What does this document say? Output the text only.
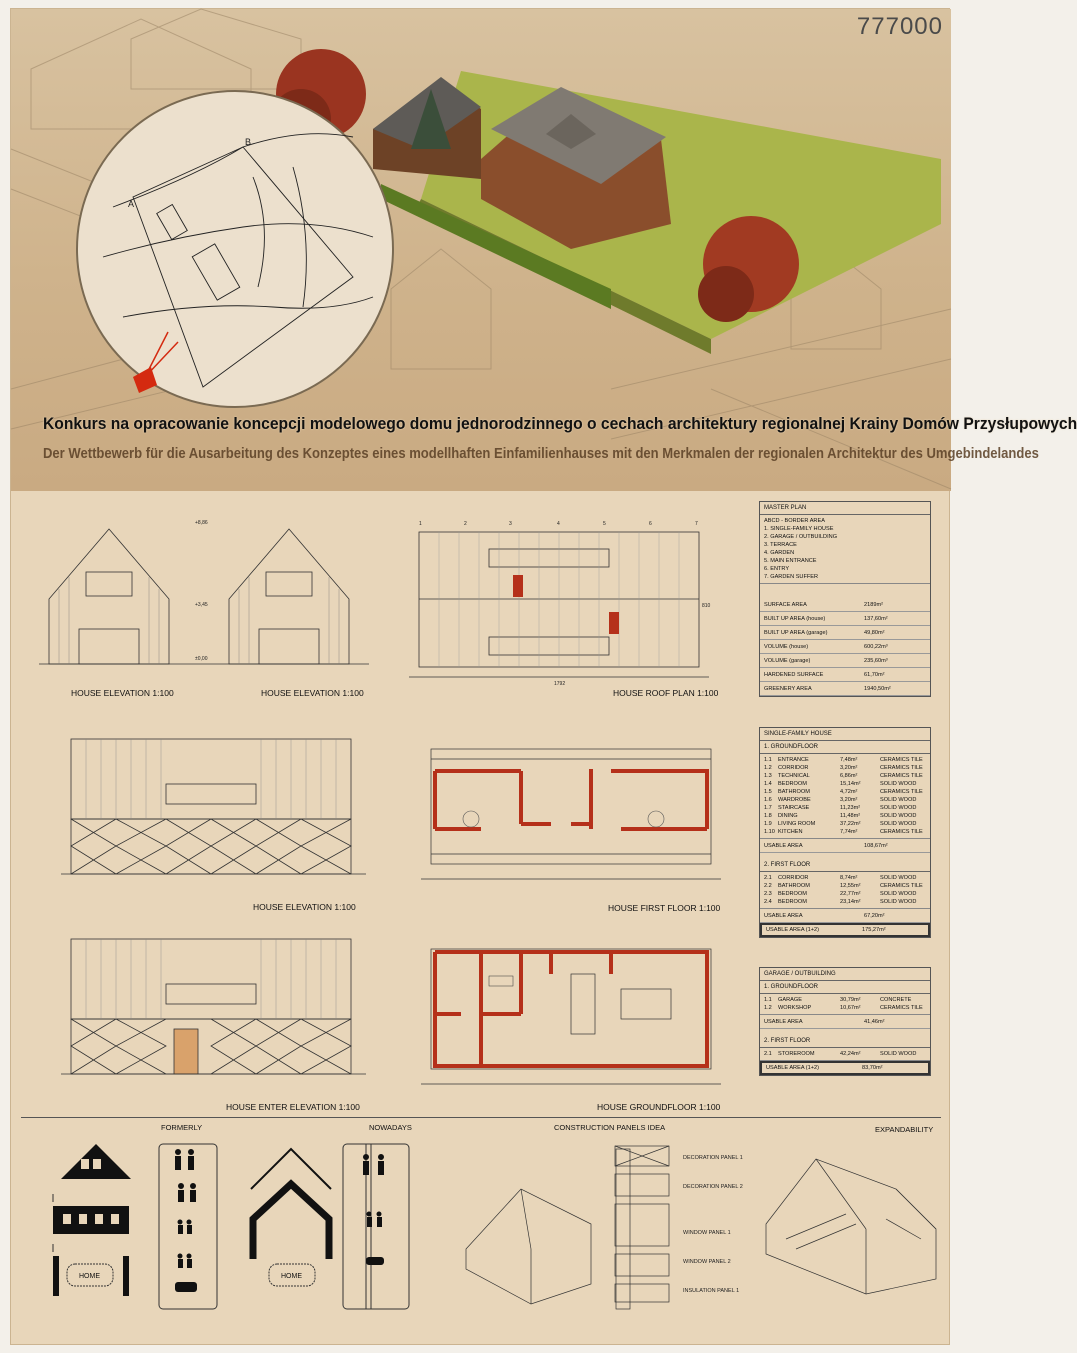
A
B
777000
Konkurs na opracowanie koncepcji modelowego domu jednorodzinnego o cechach architektury regionalnej Krainy Domów Przysłupowych
Der Wettbewerb für die Ausarbeitung des Konzeptes eines modellhaften Einfamilienhauses mit den Merkmalen der regionalen Architektur des Umgebindelandes
+8,86
+3,45
±0,00
HOUSE ELEVATION 1:100	HOUSE ELEVATION 1:100
1	2	3	4	5	6	7
1792
810
HOUSE ROOF PLAN 1:100
HOUSE ELEVATION 1:100	HOUSE FIRST FLOOR 1:100
HOUSE ENTER ELEVATION 1:100	HOUSE GROUNDFLOOR 1:100
MASTER PLAN
ABCD - BORDER AREA
1. SINGLE-FAMILY HOUSE
2. GARAGE / OUTBUILDING
3. TERRACE
4. GARDEN
5. MAIN ENTRANCE
6. ENTRY
7. GARDEN SUFFER
SURFACE AREA	2189m²
BUILT UP AREA (house)	137,60m²
BUILT UP AREA (garage)	49,80m²
VOLUME (house)	600,22m³
VOLUME (garage)	235,60m³
HARDENED SURFACE	61,70m²
GREENERY AREA	1940,50m²
SINGLE-FAMILY HOUSE
1. GROUNDFLOOR
1.1	ENTRANCE	7,48m²	CERAMICS TILE
1.2	CORRIDOR	3,20m²	CERAMICS TILE
1.3	TECHNICAL	6,86m²	CERAMICS TILE
1.4	BEDROOM	15,14m²	SOLID WOOD
1.5	BATHROOM	4,72m²	CERAMICS TILE
1.6	WARDROBE	3,20m²	SOLID WOOD
1.7	STAIRCASE	11,23m²	SOLID WOOD
1.8	DINING	11,48m²	SOLID WOOD
1.9	LIVING ROOM	37,22m²	SOLID WOOD
1.10 KITCHEN	7,74m²	CERAMICS TILE
USABLE AREA	108,67m²
2. FIRST FLOOR
2.1	CORRIDOR	8,74m²	SOLID WOOD
2.2	BATHROOM	12,55m²	CERAMICS TILE
2.3	BEDROOM	22,77m²	SOLID WOOD
2.4	BEDROOM	23,14m²	SOLID WOOD
USABLE AREA	67,20m²
USABLE AREA (1+2)	175,27m²
GARAGE / OUTBUILDING
1. GROUNDFLOOR
1.1	GARAGE	30,79m²	CONCRETE
1.2	WORKSHOP	10,67m²	CERAMICS TILE
USABLE AREA	41,46m²
2. FIRST FLOOR
2.1	STOREROOM	42,24m²	SOLID WOOD
USABLE AREA (1+2)	83,70m²
FORMERLY	NOWADAYS	CONSTRUCTION PANELS IDEA	EXPANDABILITY
HOME	HOME
DECORATION PANEL 1
DECORATION PANEL 2
WINDOW PANEL 1
WINDOW PANEL 2
INSULATION PANEL 1
